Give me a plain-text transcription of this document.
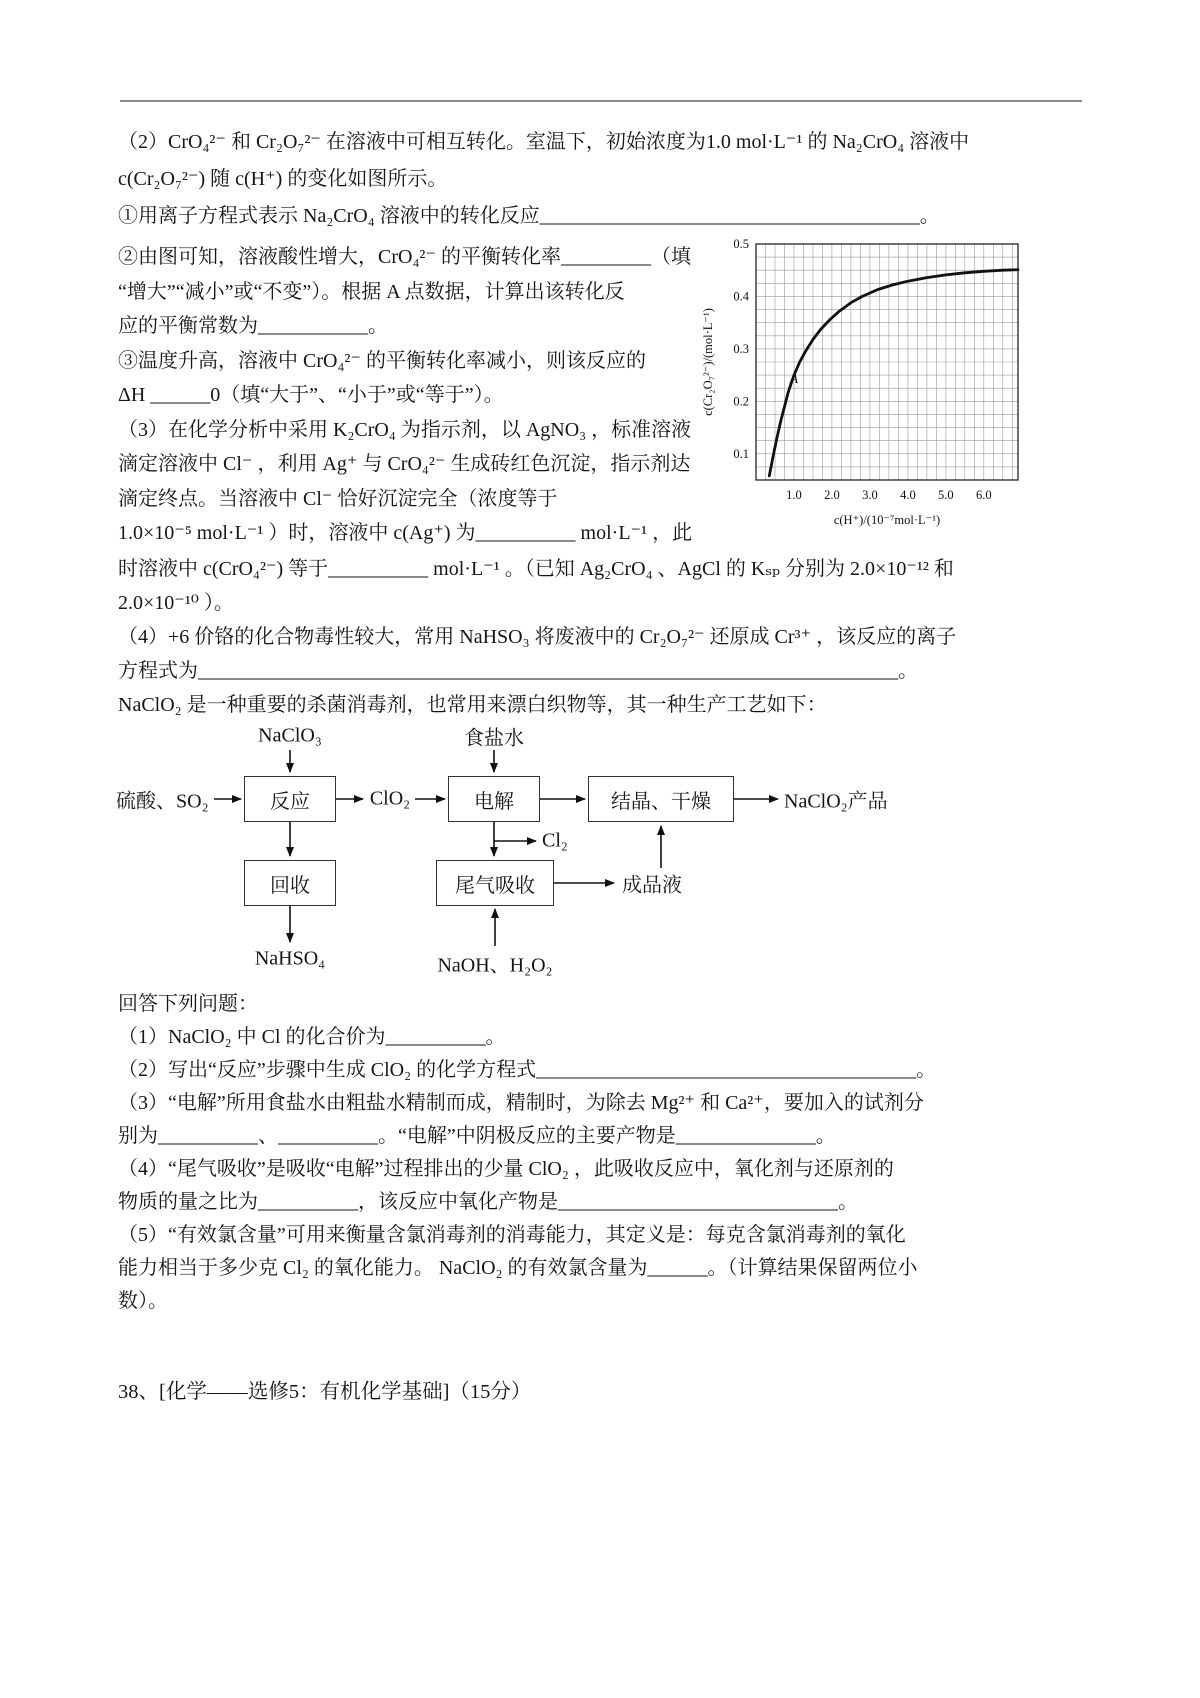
（2）CrO₄²⁻ 和 Cr₂O₇²⁻ 在溶液中可相互转化。室温下，初始浓度为1.0 mol·L⁻¹ 的 Na₂CrO₄ 溶液中
c(Cr₂O₇²⁻) 随 c(H⁺) 的变化如图所示。
①用离子方程式表示 Na₂CrO₄ 溶液中的转化反应______________________________________。
②由图可知，溶液酸性增大，CrO₄²⁻ 的平衡转化率_________（填
“增大”“减小”或“不变”）。根据 A 点数据，计算出该转化反
应的平衡常数为___________。
③温度升高，溶液中 CrO₄²⁻ 的平衡转化率减小，则该反应的
ΔH ______0（填“大于”、“小于”或“等于”）。
（3）在化学分析中采用 K₂CrO₄ 为指示剂，以 AgNO₃ ，标准溶液
滴定溶液中 Cl⁻ ，利用 Ag⁺ 与 CrO₄²⁻ 生成砖红色沉淀，指示剂达
滴定终点。当溶液中 Cl⁻ 恰好沉淀完全（浓度等于
1.0×10⁻⁵ mol·L⁻¹ ）时，溶液中 c(Ag⁺) 为__________ mol·L⁻¹ ，此
0.1
0.2
0.3
0.4
0.5
1.0 2.0 3.0 4.0 5.0 6.0
A
c(H⁺)/(10⁻⁷mol·L⁻¹)
c(Cr₂O₇²⁻)/(mol·L⁻¹)
时溶液中 c(CrO₄²⁻) 等于__________ mol·L⁻¹ 。（已知 Ag₂CrO₄ 、AgCl 的 Kₛₚ 分别为 2.0×10⁻¹² 和
2.0×10⁻¹⁰ ）。
（4）+6 价铬的化合物毒性较大，常用 NaHSO₃ 将废液中的 Cr₂O₇²⁻ 还原成 Cr³⁺ ，该反应的离子
方程式为______________________________________________________________________。
NaClO₂ 是一种重要的杀菌消毒剂，也常用来漂白织物等，其一种生产工艺如下：
反应	电解	结晶、干燥
回收	尾气吸收
NaClO₃	食盐水
硫酸、SO₂	ClO₂	NaClO₂产品
Cl₂
成品液
NaHSO₄	NaOH、H₂O₂
回答下列问题：
（1）NaClO₂ 中 Cl 的化合价为__________。
（2）写出“反应”步骤中生成 ClO₂ 的化学方程式______________________________________。
（3）“电解”所用食盐水由粗盐水精制而成，精制时，为除去 Mg²⁺ 和 Ca²⁺，要加入的试剂分
别为__________、__________。“电解”中阴极反应的主要产物是______________。
（4）“尾气吸收”是吸收“电解”过程排出的少量 ClO₂ ，此吸收反应中，氧化剂与还原剂的
物质的量之比为__________，该反应中氧化产物是____________________________。
（5）“有效氯含量”可用来衡量含氯消毒剂的消毒能力，其定义是：每克含氯消毒剂的氧化
能力相当于多少克 Cl₂ 的氧化能力。 NaClO₂ 的有效氯含量为______。（计算结果保留两位小
数）。
38、[化学——选修5：有机化学基础]（15分）
